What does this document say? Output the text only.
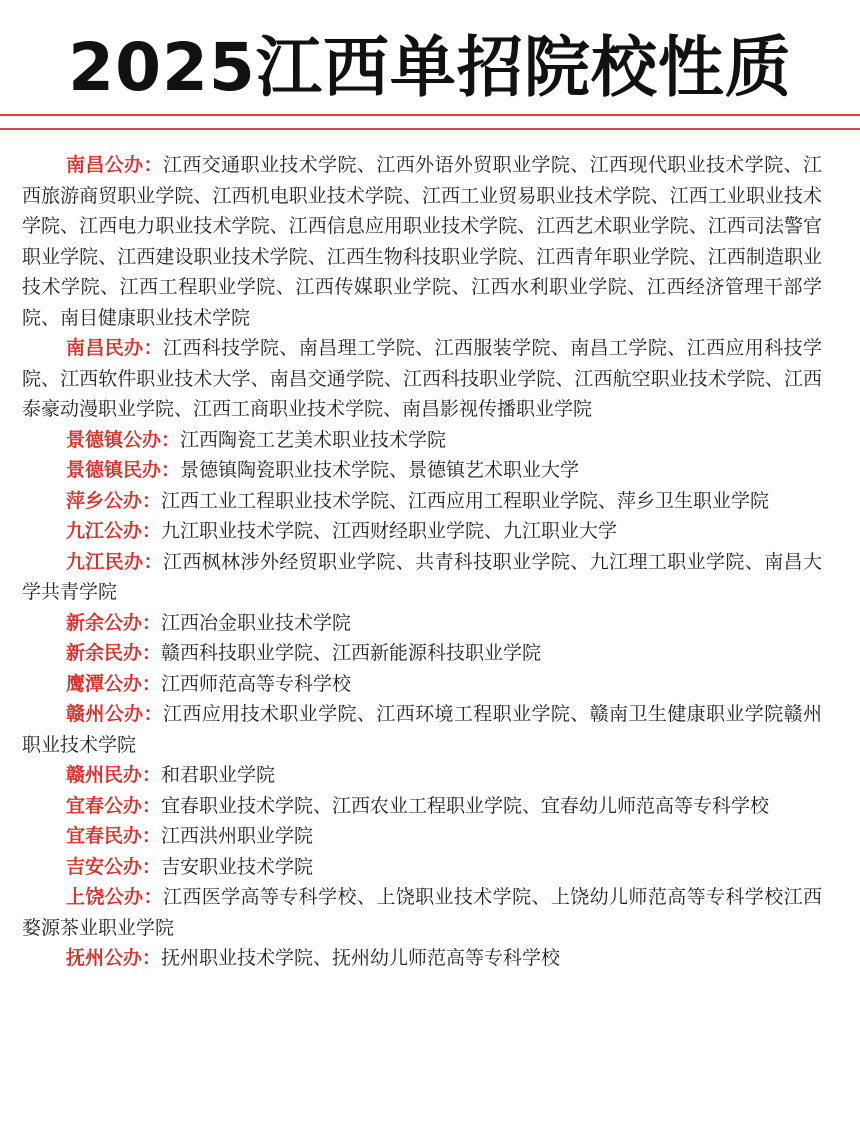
2025江西单招院校性质

南昌公办：江西交通职业技术学院、江西外语外贸职业学院、江西现代职业技术学院、江西旅游商贸职业学院、江西机电职业技术学院、江西工业贸易职业技术学院、江西工业职业技术学院、江西电力职业技术学院、江西信息应用职业技术学院、江西艺术职业学院、江西司法警官职业学院、江西建设职业技术学院、江西生物科技职业学院、江西青年职业学院、江西制造职业技术学院、江西工程职业学院、江西传媒职业学院、江西水利职业学院、江西经济管理干部学院、南目健康职业技术学院

南昌民办：江西科技学院、南昌理工学院、江西服装学院、南昌工学院、江西应用科技学院、江西软件职业技术大学、南昌交通学院、江西科技职业学院、江西航空职业技术学院、江西泰豪动漫职业学院、江西工商职业技术学院、南昌影视传播职业学院

景德镇公办：江西陶瓷工艺美术职业技术学院

景德镇民办：景德镇陶瓷职业技术学院、景德镇艺术职业大学

萍乡公办：江西工业工程职业技术学院、江西应用工程职业学院、萍乡卫生职业学院

九江公办：九江职业技术学院、江西财经职业学院、九江职业大学

九江民办：江西枫林涉外经贸职业学院、共青科技职业学院、九江理工职业学院、南昌大学共青学院

新余公办：江西冶金职业技术学院

新余民办：赣西科技职业学院、江西新能源科技职业学院

鹰潭公办：江西师范高等专科学校

赣州公办：江西应用技术职业学院、江西环境工程职业学院、赣南卫生健康职业学院赣州职业技术学院

赣州民办：和君职业学院

宜春公办：宜春职业技术学院、江西农业工程职业学院、宜春幼儿师范高等专科学校

宜春民办：江西洪州职业学院

吉安公办：吉安职业技术学院

上饶公办：江西医学高等专科学校、上饶职业技术学院、上饶幼儿师范高等专科学校江西婺源茶业职业学院

抚州公办：抚州职业技术学院、抚州幼儿师范高等专科学校
